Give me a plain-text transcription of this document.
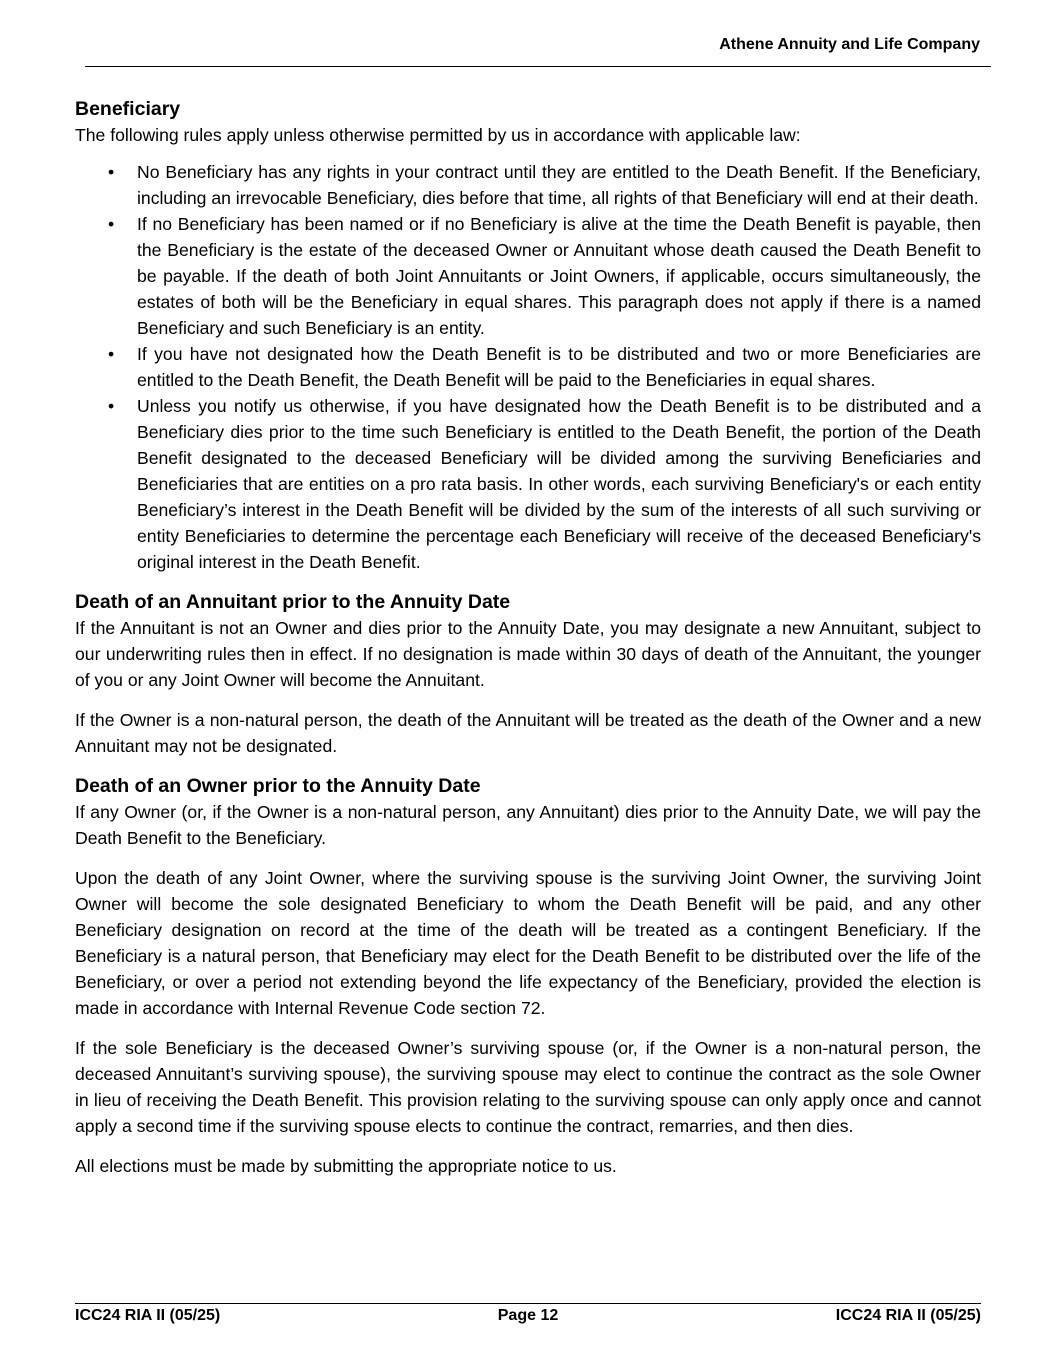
Athene Annuity and Life Company
Beneficiary

The following rules apply unless otherwise permitted by us in accordance with applicable law:

• No Beneficiary has any rights in your contract until they are entitled to the Death Benefit. If the Beneficiary, including an irrevocable Beneficiary, dies before that time, all rights of that Beneficiary will end at their death.
• If no Beneficiary has been named or if no Beneficiary is alive at the time the Death Benefit is payable, then the Beneficiary is the estate of the deceased Owner or Annuitant whose death caused the Death Benefit to be payable. If the death of both Joint Annuitants or Joint Owners, if applicable, occurs simultaneously, the estates of both will be the Beneficiary in equal shares. This paragraph does not apply if there is a named Beneficiary and such Beneficiary is an entity.
• If you have not designated how the Death Benefit is to be distributed and two or more Beneficiaries are entitled to the Death Benefit, the Death Benefit will be paid to the Beneficiaries in equal shares.
• Unless you notify us otherwise, if you have designated how the Death Benefit is to be distributed and a Beneficiary dies prior to the time such Beneficiary is entitled to the Death Benefit, the portion of the Death Benefit designated to the deceased Beneficiary will be divided among the surviving Beneficiaries and Beneficiaries that are entities on a pro rata basis. In other words, each surviving Beneficiary's or each entity Beneficiary’s interest in the Death Benefit will be divided by the sum of the interests of all such surviving or entity Beneficiaries to determine the percentage each Beneficiary will receive of the deceased Beneficiary's original interest in the Death Benefit.
Death of an Annuitant prior to the Annuity Date

If the Annuitant is not an Owner and dies prior to the Annuity Date, you may designate a new Annuitant, subject to our underwriting rules then in effect. If no designation is made within 30 days of death of the Annuitant, the younger of you or any Joint Owner will become the Annuitant.

If the Owner is a non-natural person, the death of the Annuitant will be treated as the death of the Owner and a new Annuitant may not be designated.

Death of an Owner prior to the Annuity Date

If any Owner (or, if the Owner is a non-natural person, any Annuitant) dies prior to the Annuity Date, we will pay the Death Benefit to the Beneficiary.

Upon the death of any Joint Owner, where the surviving spouse is the surviving Joint Owner, the surviving Joint Owner will become the sole designated Beneficiary to whom the Death Benefit will be paid, and any other Beneficiary designation on record at the time of the death will be treated as a contingent Beneficiary. If the Beneficiary is a natural person, that Beneficiary may elect for the Death Benefit to be distributed over the life of the Beneficiary, or over a period not extending beyond the life expectancy of the Beneficiary, provided the election is made in accordance with Internal Revenue Code section 72.

If the sole Beneficiary is the deceased Owner’s surviving spouse (or, if the Owner is a non-natural person, the deceased Annuitant’s surviving spouse), the surviving spouse may elect to continue the contract as the sole Owner in lieu of receiving the Death Benefit. This provision relating to the surviving spouse can only apply once and cannot apply a second time if the surviving spouse elects to continue the contract, remarries, and then dies.

All elections must be made by submitting the appropriate notice to us.

ICC24 RIA II (05/25)	Page 12	ICC24 RIA II (05/25)
